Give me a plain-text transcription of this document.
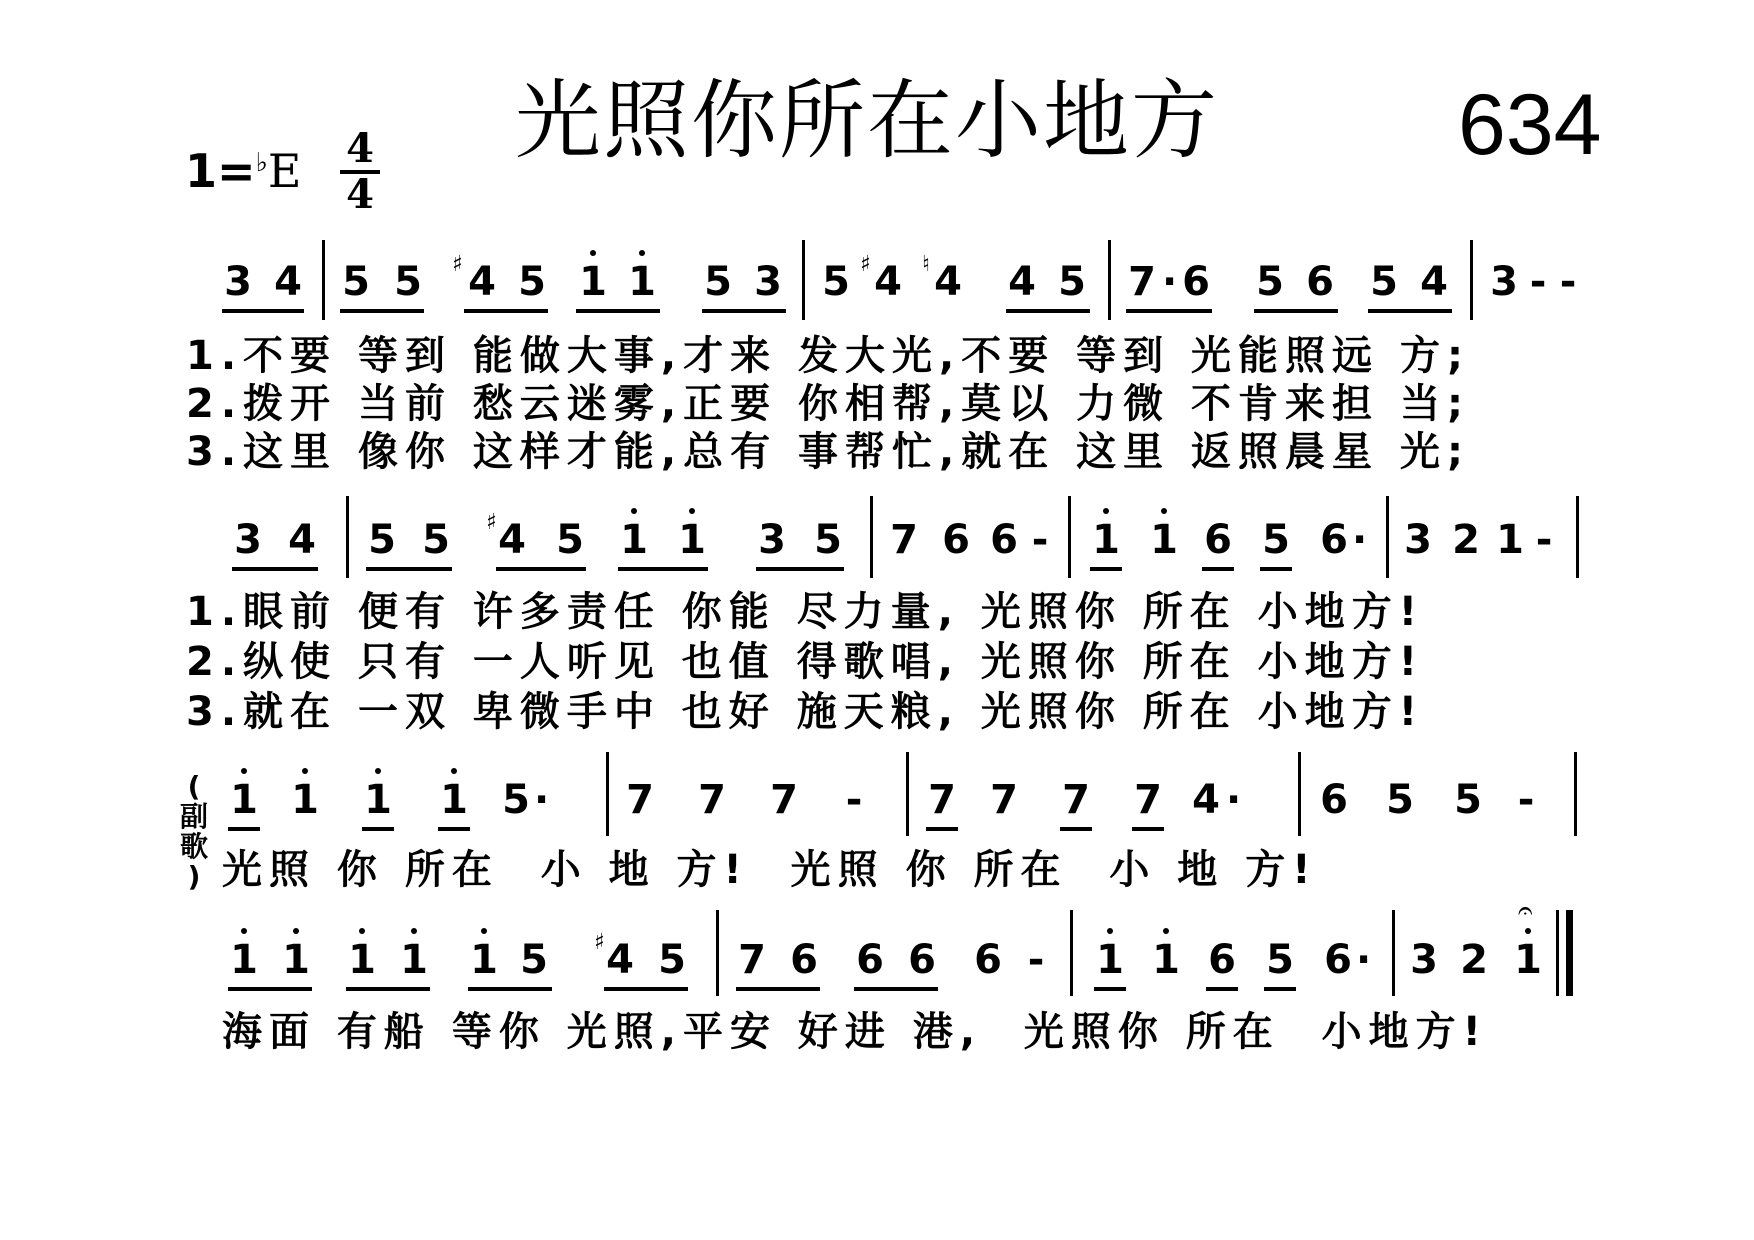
光照你所在小地方	634
1=♭E 4
4
3 4 5 5 ♯ 4 5 1 1 5 3 5 ♯ 4 ♮ 4 4 5 7 · 6 5 6 5 4 3 - -
1.不要 等到 能做大事,才来 发大光,不要 等到 光能照远 方;
2.拨开 当前 愁云迷雾,正要 你相帮,莫以 力微 不肯来担 当;
3.这里 像你 这样才能,总有 事帮忙,就在 这里 返照晨星 光;
3 4 5 5 ♯ 4 5 1 1 3 5 7 6 6 - 1 1 6 5 6 · 3 2 1 -
1.眼前 便有 许多责任 你能 尽力量, 光照你 所在 小地方!
2.纵使 只有 一人听见 也值 得歌唱, 光照你 所在 小地方!
3.就在 一双 卑微手中 也好 施天粮, 光照你 所在 小地方!
(
副
歌
)
1 1 1 1 5 · 7 7 7 - 7 7 7 7 4 · 6 5 5 -
光照 你 所在  小 地 方!  光照 你 所在  小 地 方!
1 1 1 1 1 5 ♯ 4 5 7 6 6 6 6 - 1 1 6 5 6 · 3 2
𝄐
1
海面 有船 等你 光照,平安 好进 港,  光照你 所在  小地方!
